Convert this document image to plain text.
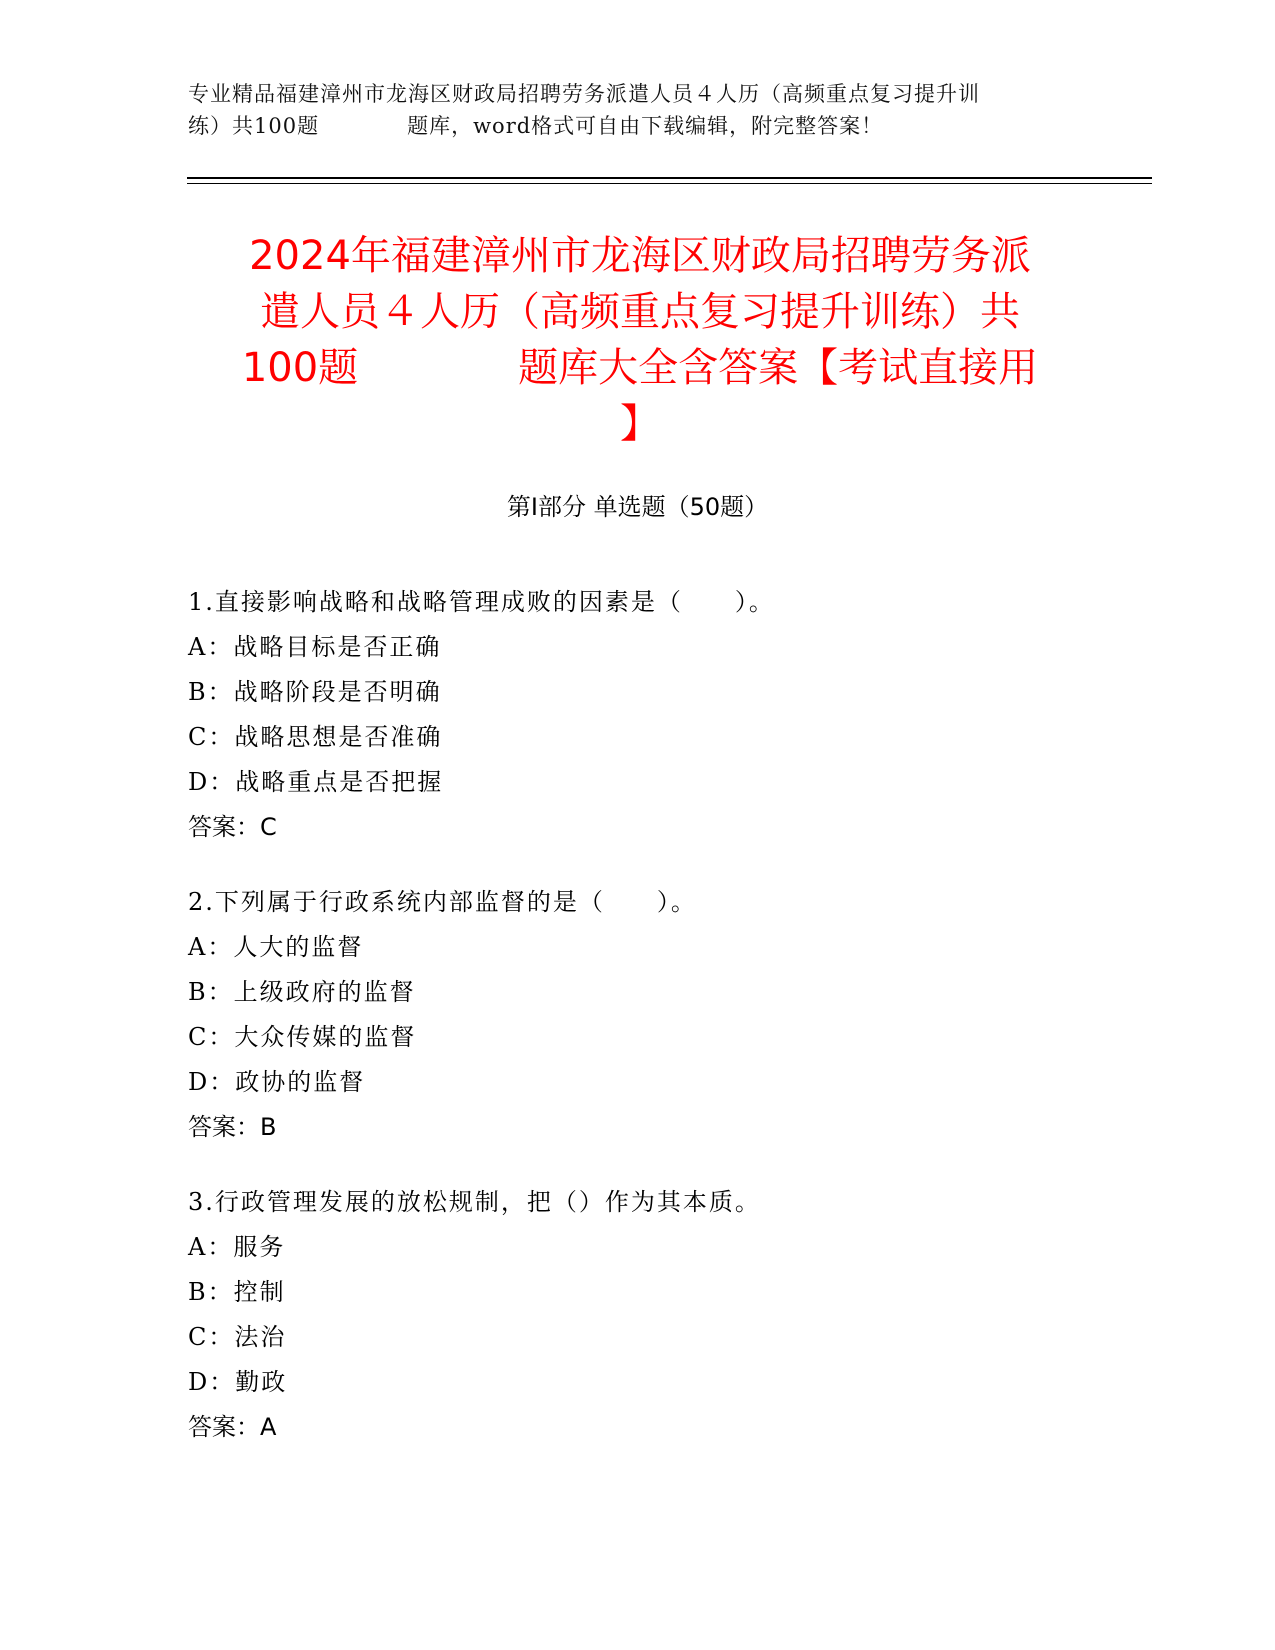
专业精品福建漳州市龙海区财政局招聘劳务派遣人员４人历（高频重点复习提升训
练）共100题　　　　题库，word格式可自由下载编辑，附完整答案！
2024年福建漳州市龙海区财政局招聘劳务派
遣人员４人历（高频重点复习提升训练）共
100题　　　　题库大全含答案【考试直接用
】
第Ⅰ部分 单选题（50题）

1.直接影响战略和战略管理成败的因素是（　　）。

A：战略目标是否正确

B：战略阶段是否明确

C：战略思想是否准确

D：战略重点是否把握

答案：C

2.下列属于行政系统内部监督的是（　　）。

A：人大的监督

B：上级政府的监督

C：大众传媒的监督

D：政协的监督

答案：B

3.行政管理发展的放松规制，把（）作为其本质。

A：服务

B：控制

C：法治

D：勤政

答案：A
